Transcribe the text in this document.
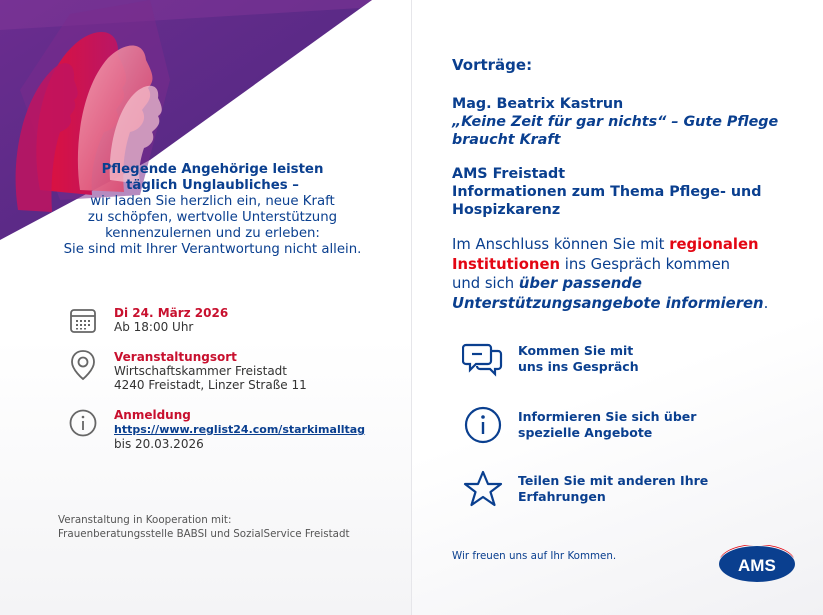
Pflegende Angehörige leisten
täglich Unglaubliches –
wir laden Sie herzlich ein, neue Kraft
zu schöpfen, wertvolle Unterstützung
kennenzulernen und zu erleben:
Sie sind mit Ihrer Verantwortung nicht allein.
Di 24. März 2026
Ab 18:00 Uhr
Veranstaltungsort
Wirtschaftskammer Freistadt
4240 Freistadt, Linzer Straße 11
Anmeldung
https://www.reglist24.com/starkimalltag
bis 20.03.2026
Veranstaltung in Kooperation mit:
Frauenberatungsstelle BABSI und SozialService Freistadt
Vorträge:
Mag. Beatrix Kastrun
„Keine Zeit für gar nichts“ – Gute Pflege
braucht Kraft
AMS Freistadt
Informationen zum Thema Pflege- und
Hospizkarenz
Im Anschluss können Sie mit regionalen
Institutionen ins Gespräch kommen
und sich über passende
Unterstützungsangebote informieren.
Kommen Sie mit
uns ins Gespräch
Informieren Sie sich über
spezielle Angebote
Teilen Sie mit anderen Ihre
Erfahrungen
Wir freuen uns auf Ihr Kommen.	AMS
